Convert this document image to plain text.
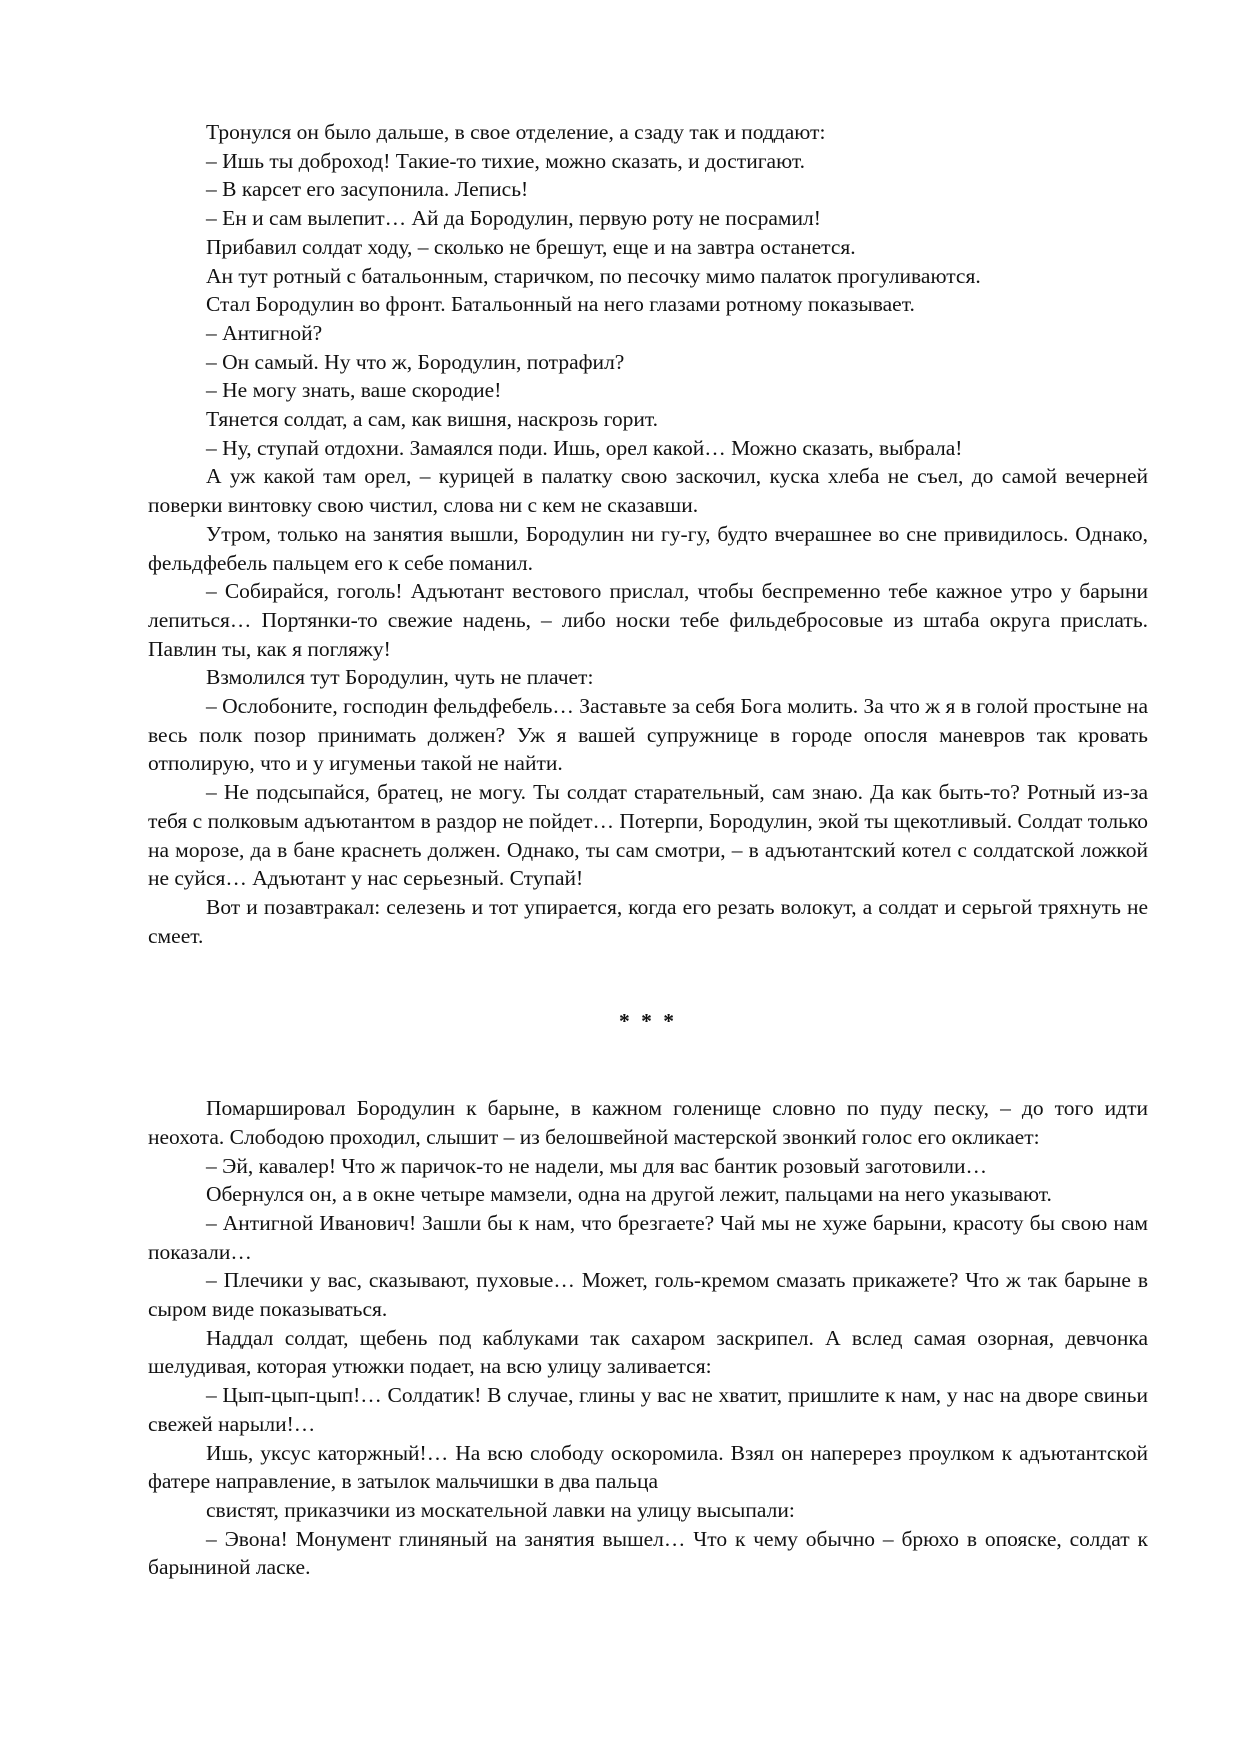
Тронулся он было дальше, в свое отделение, а сзаду так и поддают:

– Ишь ты доброход! Такие-то тихие, можно сказать, и достигают.

– В карсет его засупонила. Лепись!

– Ен и сам вылепит… Ай да Бородулин, первую роту не посрамил!

Прибавил солдат ходу, – сколько не брешут, еще и на завтра останется.

Ан тут ротный с батальонным, старичком, по песочку мимо палаток прогуливаются.

Стал Бородулин во фронт. Батальонный на него глазами ротному показывает.

– Антигной?

– Он самый. Ну что ж, Бородулин, потрафил?

– Не могу знать, ваше скородие!

Тянется солдат, а сам, как вишня, наскрозь горит.

– Ну, ступай отдохни. Замаялся поди. Ишь, орел какой… Можно сказать, выбрала!

А уж какой там орел, – курицей в палатку свою заскочил, куска хлеба не съел, до самой вечерней поверки винтовку свою чистил, слова ни с кем не сказавши.

Утром, только на занятия вышли, Бородулин ни гу-гу, будто вчерашнее во сне привидилось. Однако, фельдфебель пальцем его к себе поманил.

– Собирайся, гоголь! Адъютант вестового прислал, чтобы беспременно тебе кажное утро у барыни лепиться… Портянки-то свежие надень, – либо носки тебе фильдебросовые из штаба округа прислать. Павлин ты, как я погляжу!

Взмолился тут Бородулин, чуть не плачет:

– Ослобоните, господин фельдфебель… Заставьте за себя Бога молить. За что ж я в голой простыне на весь полк позор принимать должен? Уж я вашей супружнице в городе опосля маневров так кровать отполирую, что и у игуменьи такой не найти.

– Не подсыпайся, братец, не могу. Ты солдат старательный, сам знаю. Да как быть-то? Ротный из-за тебя с полковым адъютантом в раздор не пойдет… Потерпи, Бородулин, экой ты щекотливый. Солдат только на морозе, да в бане краснеть должен. Однако, ты сам смотри, – в адъютантский котел с солдатской ложкой не суйся… Адъютант у нас серьезный. Ступай!

Вот и позавтракал: селезень и тот упирается, когда его резать волокут, а солдат и серьгой тряхнуть не смеет.

* * *

Помаршировал Бородулин к барыне, в кажном голенище словно по пуду песку, – до того идти неохота. Слободою проходил, слышит – из белошвейной мастерской звонкий голос его окликает:

– Эй, кавалер! Что ж паричок-то не надели, мы для вас бантик розовый заготовили…

Обернулся он, а в окне четыре мамзели, одна на другой лежит, пальцами на него указывают.

– Антигной Иванович! Зашли бы к нам, что брезгаете? Чай мы не хуже барыни, красоту бы свою нам показали…

– Плечики у вас, сказывают, пуховые… Может, голь-кремом смазать прикажете? Что ж так барыне в сыром виде показываться.

Наддал солдат, щебень под каблуками так сахаром заскрипел. А вслед самая озорная, девчонка шелудивая, которая утюжки подает, на всю улицу заливается:

– Цып-цып-цып!… Солдатик! В случае, глины у вас не хватит, пришлите к нам, у нас на дворе свиньи свежей нарыли!…

Ишь, уксус каторжный!… На всю слободу оскоромила. Взял он наперерез проулком к адъютантской фатере направление, в затылок мальчишки в два пальца

свистят, приказчики из москательной лавки на улицу высыпали:

– Эвона! Монумент глиняный на занятия вышел… Что к чему обычно – брюхо в опояске, солдат к барыниной ласке.
